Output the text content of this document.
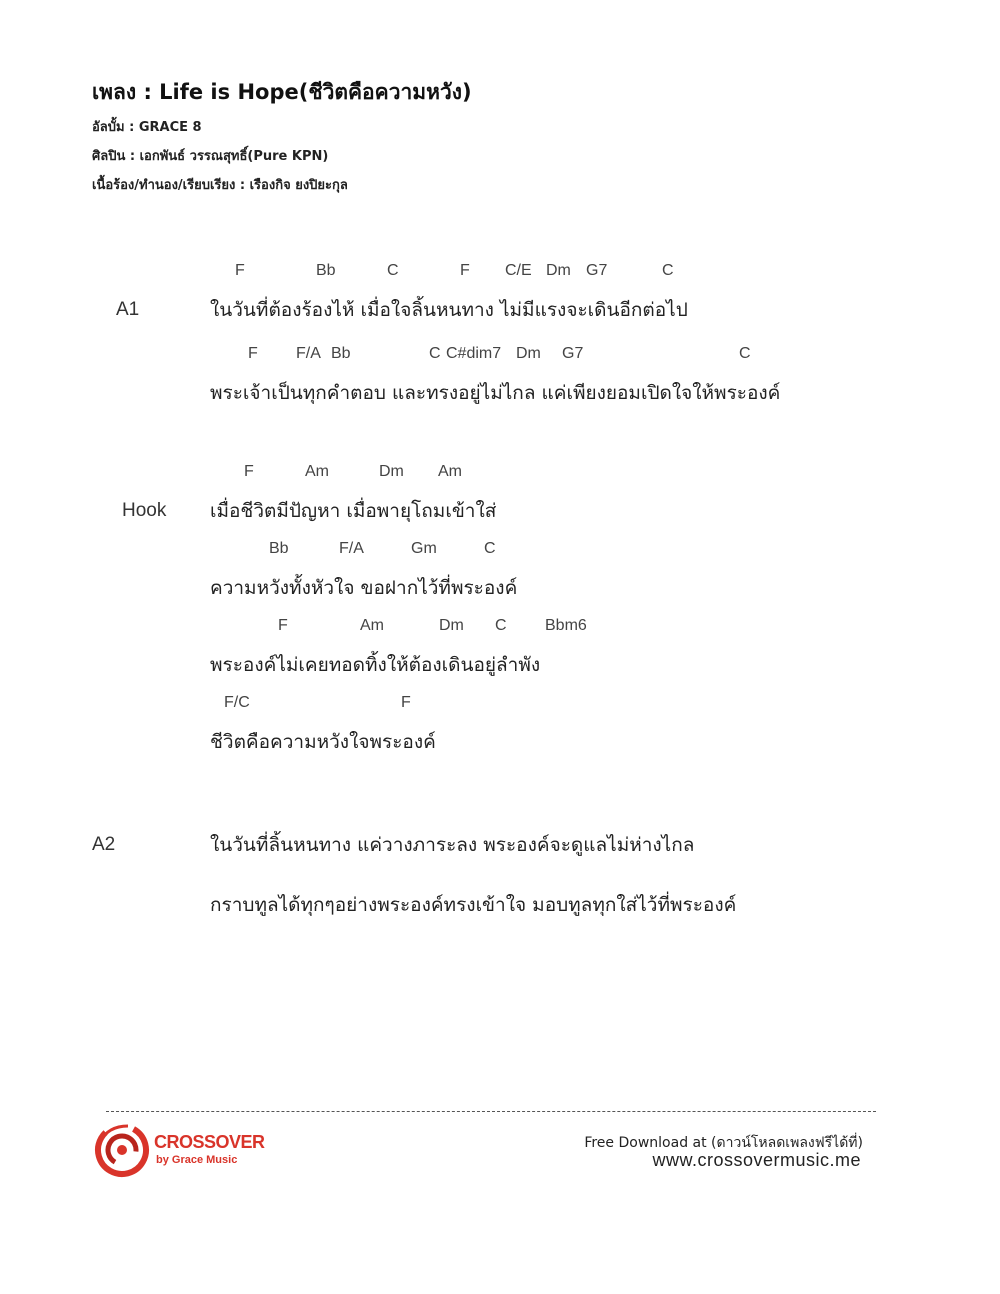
เพลง : Life is Hope(ชีวิตคือความหวัง)
อัลบั้ม : GRACE 8
ศิลปิน : เอกพันธ์ วรรณสุทธิ์(Pure KPN)
เนื้อร้อง/ทำนอง/เรียบเรียง : เรืองกิจ ยงปิยะกุล
A1
F	Bb	C	F C/E Dm G7	C
ในวันที่ต้องร้องไห้ เมื่อใจลิ้นหนทาง ไม่มีแรงจะเดินอีกต่อไป
F F/A Bb	C C#dim7 Dm G7	C
พระเจ้าเป็นทุกคำตอบ และทรงอยู่ไม่ไกล แค่เพียงยอมเปิดใจให้พระองค์
Hook
F	Am	Dm Am
เมื่อชีวิตมีปัญหา เมื่อพายุโถมเข้าใส่
Bb	F/A	Gm	C
ความหวังทั้งหัวใจ ขอฝากไว้ที่พระองค์
F	Am	Dm C Bbm6
พระองค์ไม่เคยทอดทิ้งให้ต้องเดินอยู่ลำพัง
F/C	F
ชีวิตคือความหวังใจพระองค์
A2	ในวันที่ลิ้นหนทาง แค่วางภาระลง พระองค์จะดูแลไม่ห่างไกล
กราบทูลได้ทุกๆอย่างพระองค์ทรงเข้าใจ มอบทูลทุกใส่ไว้ที่พระองค์
CROSSOVER
by Grace Music
Free Download at (ดาวน์โหลดเพลงฟรีได้ที่)
www.crossovermusic.me
